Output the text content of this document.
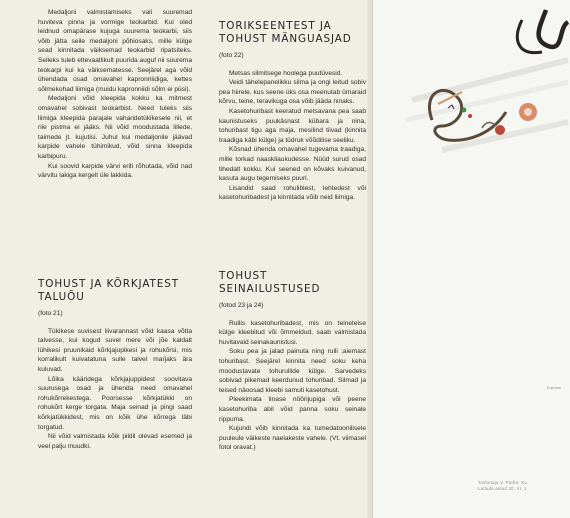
Medaljoni valmistamiseks vali suuremad huviteva pinna ja vormige teokarbid. Kui oled leidnud omapärase kujuga suurema teokarbi, siis võib jätta seile medaljoni põhiosaks, mille külge sead kinnitada väiksemad teokarbid ripatsiteks. Selleks tuleb ettevaatlikult puurida auguf nii suurema teokarpi kui ka väiksematesse. Seejärel aga võid ühendada osad omavahel kapronniidiga, kettes sõlmekohad liimiga (muidu kapronniidi sõlm ei püsi).

Medaljoni võid kleepida kokku ka mitmest omavahel sobivast teokarbist. Need tuleks siis liimiga kleepida parajale vaharidetükikesele nii, et riie pistma ei jääks. Nii võid moodustada lillede, taimede jt. kujutisi. Juhul kui medaljonile jäävad karpide vahele tühimikud, võid sinna kleepida karbipuru.

Kui soovid karpide värvi eriti rõhutada, võid nad värvitu lakiga kergelt üle lakkida.

TORIKSEENTEST JA TOHUST MÄNGUASJAD
(foto 22)

Metsas silmitsege hoolega puutüvesid.

Veidi tähelepanelikku silma ja ongi leitud sobiv pea hiirele, kus seene üks osa meenutab ümaraid kõrvu, teine, teravikuga osa võib jääda ninaks.

Kasetohuribast keeratud metsavana pea saab kaunistuseks puukäsnast kübara ja nina, tohuribast tigu aga maja, mesilind tiivad (kinnita traadiga käbi külge) ja tüdruk võõdilise seeliku.

Kõsnad ühenda omavahel tugevama traadiga, mille torkad naaskliaukudesse. Nüüd surud osad tihedalt kokku. Kui seened on kõvaks kuivanud, kasuta augu tegemiseks puuri.

Lisandid saad rohuliblest, lehtedest või kasetohuribadest ja kinnitada võib neid liimiga.

TOHUST JA KÕRKJATEST TALUÕU
(foto 21)

Tükikese suvisest liivarannast võid kaasa võtta talvesse, kui kogud suvel mere või jõe kaldalt lühikesi pruunikaid kõrkjajupikesi ja rohukõrsi, mis korralikult kuivatatuna sulle talvel marjaks ära kuluvad.

Lõika kääridega kõrkjajuppidest soovitava suurusega osad ja ühenda need omavahel rohukõrrekestega. Poorsesse kõrkjatükki on rohukõrt kerge torgata. Maja seinad ja pingi saad kõrkjatükkidest, mis on kõik ühe kõrrega läbi torgatud.

Nii võid valmistada kõik pildil olevad esemed ja veel palju muudki.

TOHUST SEINAILUSTUSED
(fotod 23 ja 24)

Rullis kasetohuribadest, mis on teineteise külge kleebitud või õmmeldud, saab valmistada huvitavaid seinakaunistusi.

Soku pea ja jalad painuta ning rulli ;aiemast tohuribast. Seejärel kinnita need soku keha moodustavate tohurullide külge. Sarvedeks sobivad pikemad keerdunud tohuribad. Silmad ja teised näoosad kleebi samuti kasetohust.

Pleekimata linase nöörijupiga või peene kasetohuriba abil võid panna soku seinale rippuma.

Kujundi võib kinnitada ka tumedatoonilisele puuleule väikeste naelakeste vahele. (Vt. viimasel fotol oravat.)

Kujunes
Toimetaja V. Parbo. Ku
Latluda anlud 30. III. 1
